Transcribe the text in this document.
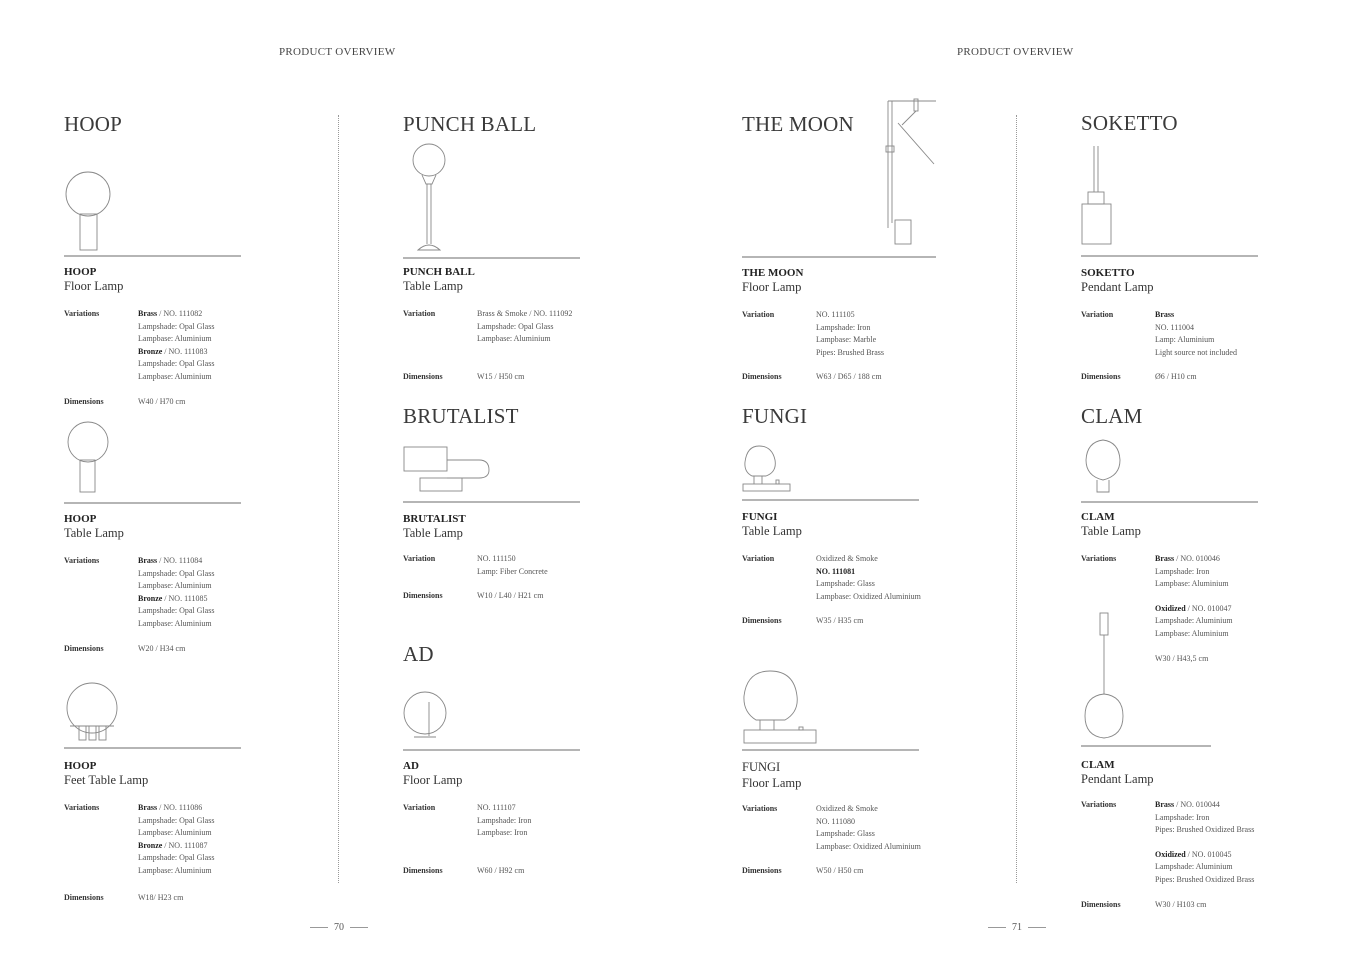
PRODUCT OVERVIEW	PRODUCT OVERVIEW
HOOP
HOOP
Floor Lamp
Variations	Brass / NO. 111082
Lampshade: Opal Glass
Lampbase: Aluminium
Bronze / NO. 111083
Lampshade: Opal Glass
Lampbase: Aluminium
Dimensions	W40 / H70 cm
HOOP
Table Lamp
Variations	Brass / NO. 111084
Lampshade: Opal Glass
Lampbase: Aluminium
Bronze / NO. 111085
Lampshade: Opal Glass
Lampbase: Aluminium
Dimensions	W20 / H34 cm
HOOP
Feet Table Lamp
Variations	Brass / NO. 111086
Lampshade: Opal Glass
Lampbase: Aluminium
Bronze / NO. 111087
Lampshade: Opal Glass
Lampbase: Aluminium
Dimensions	W18/ H23 cm
PUNCH BALL
PUNCH BALL
Table Lamp
Variation	Brass & Smoke / NO. 111092
Lampshade: Opal Glass
Lampbase: Aluminium
Dimensions	W15 / H50 cm
BRUTALIST
BRUTALIST
Table Lamp
Variation	NO. 111150
Lamp: Fiber Concrete
Dimensions	W10 / L40 / H21 cm
AD
AD
Floor Lamp
Variation	NO. 111107
Lampshade: Iron
Lampbase: Iron
Dimensions	W60 / H92 cm
THE MOON
THE MOON
Floor Lamp
Variation	NO. 111105
Lampshade: Iron
Lampbase: Marble
Pipes: Brushed Brass
Dimensions	W63 / D65 / 188 cm
FUNGI
FUNGI
Table Lamp
Variation	Oxidized & Smoke
NO. 111081
Lampshade: Glass
Lampbase: Oxidized Aluminium
Dimensions	W35 / H35 cm
FUNGI
Floor Lamp
Variations	Oxidized & Smoke
NO. 111080
Lampshade: Glass
Lampbase: Oxidized Aluminium
Dimensions	W50 / H50 cm
SOKETTO
SOKETTO
Pendant Lamp
Variation	Brass
NO. 111004
Lamp: Aluminium
Light source not included
Dimensions	Ø6 / H10 cm
CLAM
CLAM
Table Lamp
Variations	Brass / NO. 010046
Lampshade: Iron
Lampbase: Aluminium
Oxidized / NO. 010047
Lampshade: Aluminium
Lampbase: Aluminium
W30 / H43,5 cm
CLAM
Pendant Lamp
Variations	Brass / NO. 010044
Lampshade: Iron
Pipes: Brushed Oxidized Brass
Oxidized / NO. 010045
Lampshade: Aluminium
Pipes: Brushed Oxidized Brass
Dimensions	W30 / H103 cm
70	71
